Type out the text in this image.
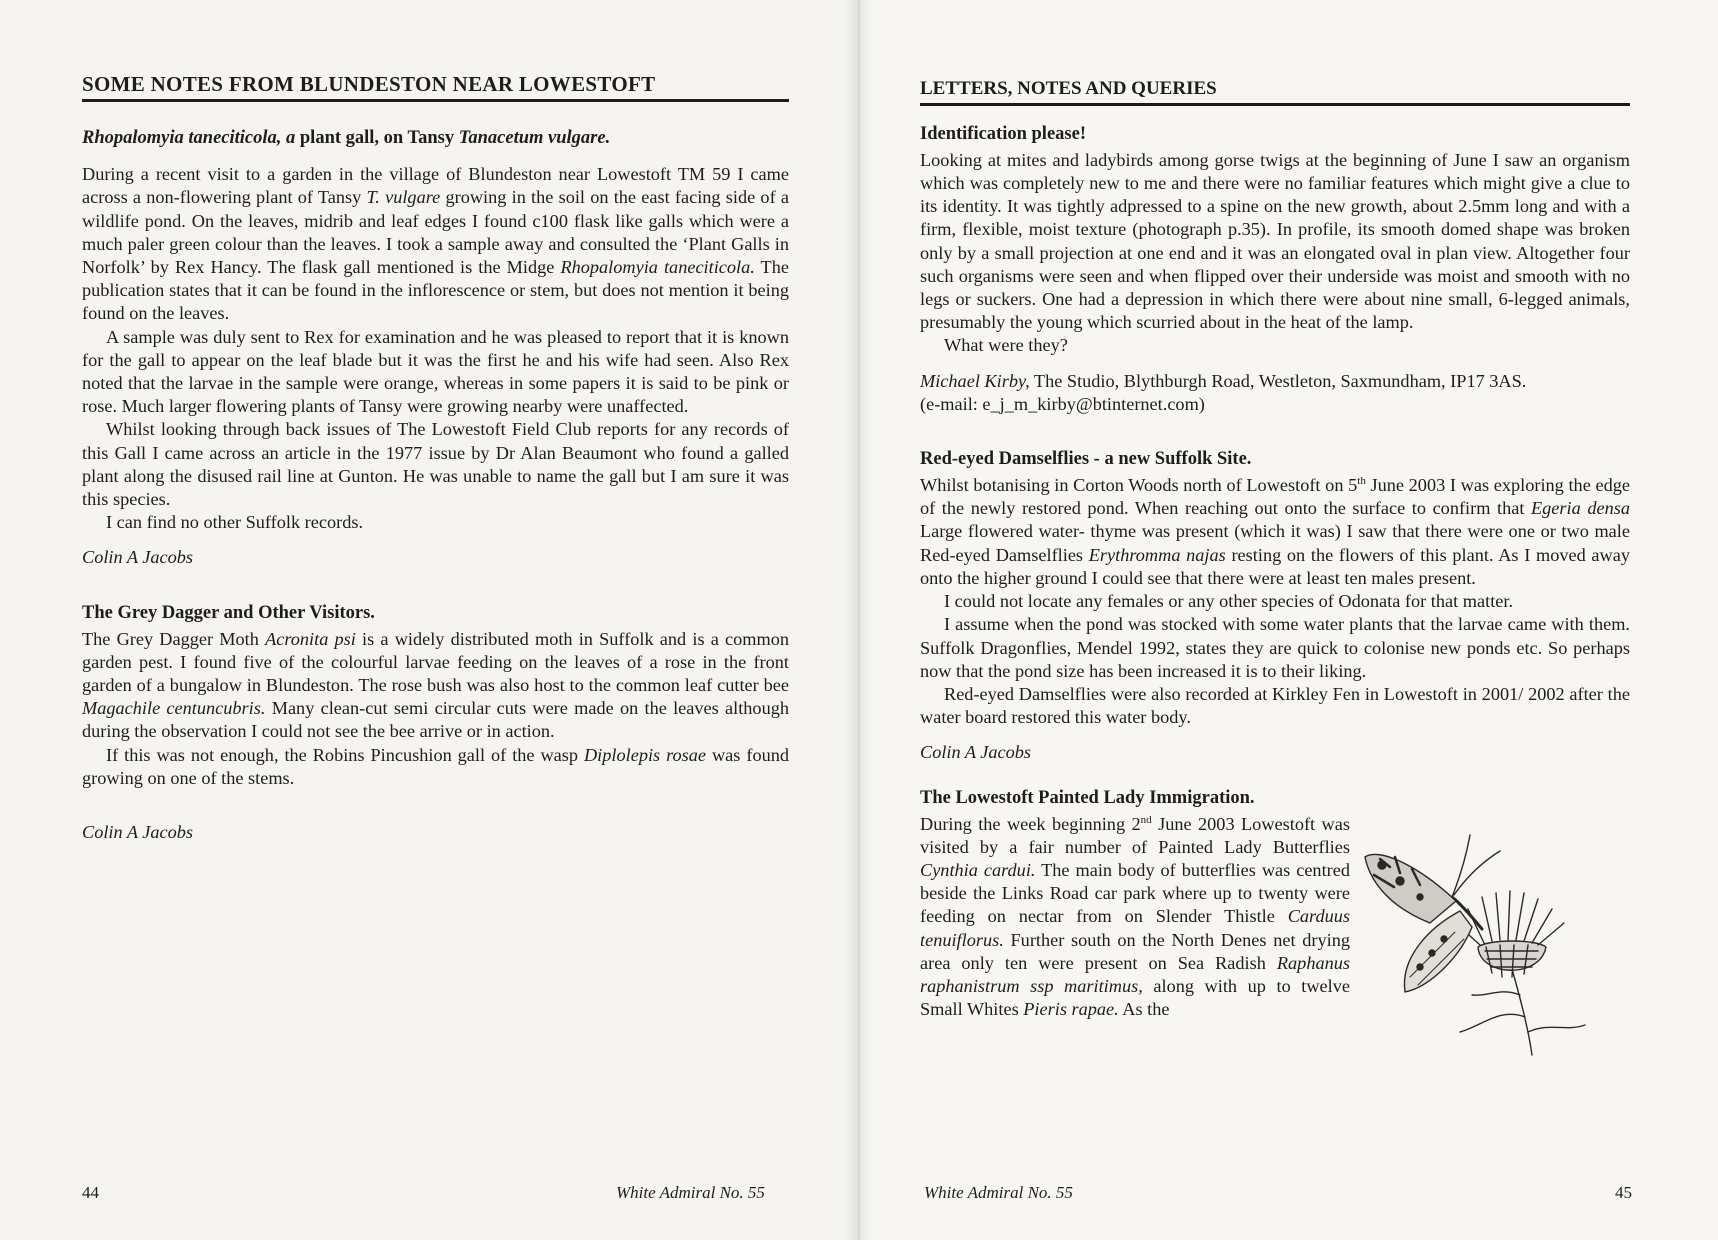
SOME NOTES FROM BLUNDESTON NEAR LOWESTOFT
Rhopalomyia taneciticola, a plant gall, on Tansy Tanacetum vulgare.

During a recent visit to a garden in the village of Blundeston near Lowestoft TM 59 I came across a non-flowering plant of Tansy T. vulgare growing in the soil on the east facing side of a wildlife pond. On the leaves, midrib and leaf edges I found c100 flask like galls which were a much paler green colour than the leaves. I took a sample away and consulted the ‘Plant Galls in Norfolk’ by Rex Hancy. The flask gall mentioned is the Midge Rhopalomyia taneciticola. The publication states that it can be found in the inflorescence or stem, but does not mention it being found on the leaves.

A sample was duly sent to Rex for examination and he was pleased to report that it is known for the gall to appear on the leaf blade but it was the first he and his wife had seen. Also Rex noted that the larvae in the sample were orange, whereas in some papers it is said to be pink or rose. Much larger flowering plants of Tansy were growing nearby were unaffected.

Whilst looking through back issues of The Lowestoft Field Club reports for any records of this Gall I came across an article in the 1977 issue by Dr Alan Beaumont who found a galled plant along the disused rail line at Gunton. He was unable to name the gall but I am sure it was this species.

I can find no other Suffolk records.

Colin A Jacobs

The Grey Dagger and Other Visitors.

The Grey Dagger Moth Acronita psi is a widely distributed moth in Suffolk and is a common garden pest. I found five of the colourful larvae feeding on the leaves of a rose in the front garden of a bungalow in Blundeston. The rose bush was also host to the common leaf cutter bee Magachile centuncubris. Many clean-cut semi circular cuts were made on the leaves although during the observation I could not see the bee arrive or in action.

If this was not enough, the Robins Pincushion gall of the wasp Diplolepis rosae was found growing on one of the stems.

Colin A Jacobs

44	White Admiral No. 55
LETTERS, NOTES AND QUERIES
Identification please!

Looking at mites and ladybirds among gorse twigs at the beginning of June I saw an organism which was completely new to me and there were no familiar features which might give a clue to its identity. It was tightly adpressed to a spine on the new growth, about 2.5mm long and with a firm, flexible, moist texture (photograph p.35). In profile, its smooth domed shape was broken only by a small projection at one end and it was an elongated oval in plan view. Altogether four such organisms were seen and when flipped over their underside was moist and smooth with no legs or suckers. One had a depression in which there were about nine small, 6-legged animals, presumably the young which scurried about in the heat of the lamp.

What were they?

Michael Kirby, The Studio, Blythburgh Road, Westleton, Saxmundham, IP17 3AS.
(e-mail: e_j_m_kirby@btinternet.com)

Red-eyed Damselflies - a new Suffolk Site.

Whilst botanising in Corton Woods north of Lowestoft on 5th June 2003 I was exploring the edge of the newly restored pond. When reaching out onto the surface to confirm that Egeria densa Large flowered water- thyme was present (which it was) I saw that there were one or two male Red-eyed Damselflies Erythromma najas resting on the flowers of this plant. As I moved away onto the higher ground I could see that there were at least ten males present.

I could not locate any females or any other species of Odonata for that matter.

I assume when the pond was stocked with some water plants that the larvae came with them. Suffolk Dragonflies, Mendel 1992, states they are quick to colonise new ponds etc. So perhaps now that the pond size has been increased it is to their liking.

Red-eyed Damselflies were also recorded at Kirkley Fen in Lowestoft in 2001/ 2002 after the water board restored this water body.

Colin A Jacobs

The Lowestoft Painted Lady Immigration.

During the week beginning 2nd June 2003 Lowestoft was visited by a fair number of Painted Lady Butterflies Cynthia cardui. The main body of butterflies was centred beside the Links Road car park where up to twenty were feeding on nectar from on Slender Thistle Carduus tenuiflorus. Further south on the North Denes net drying area only ten were present on Sea Radish Raphanus raphanistrum ssp maritimus, along with up to twelve Small Whites Pieris rapae. As the

White Admiral No. 55	45
